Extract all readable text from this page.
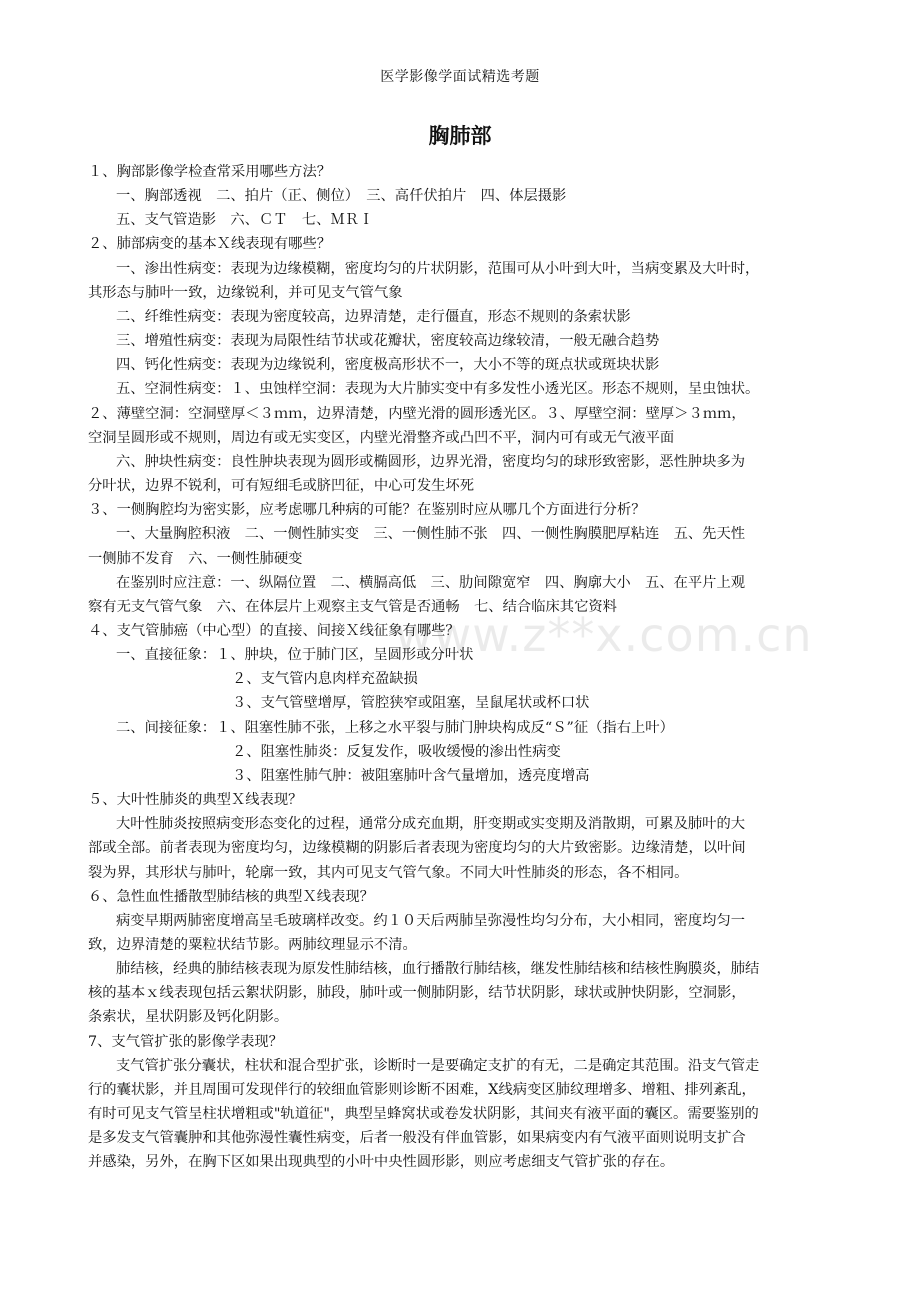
医学影像学面试精选考题
胸肺部
１、胸部影像学检查常采用哪些方法？
一、胸部透视　二、拍片（正、侧位）　三、高仟伏拍片　四、体层摄影
五、支气管造影　六、ＣＴ　七、ＭＲＩ
２、肺部病变的基本Ｘ线表现有哪些？
一、渗出性病变：表现为边缘模糊，密度均匀的片状阴影，范围可从小叶到大叶，当病变累及大叶时，
其形态与肺叶一致，边缘锐利，并可见支气管气象
二、纤维性病变：表现为密度较高，边界清楚，走行僵直，形态不规则的条索状影
三、增殖性病变：表现为局限性结节状或花瓣状，密度较高边缘较清，一般无融合趋势
四、钙化性病变：表现为边缘锐利，密度极高形状不一，大小不等的斑点状或斑块状影
五、空洞性病变：１、虫蚀样空洞：表现为大片肺实变中有多发性小透光区。形态不规则，呈虫蚀状。
２、薄壁空洞：空洞壁厚＜３ｍｍ，边界清楚，内壁光滑的圆形透光区。３、厚壁空洞：壁厚＞３ｍｍ，
空洞呈圆形或不规则，周边有或无实变区，内壁光滑整齐或凸凹不平，洞内可有或无气液平面
六、肿块性病变：良性肿块表现为圆形或椭圆形，边界光滑，密度均匀的球形致密影，恶性肿块多为
分叶状，边界不锐利，可有短细毛或脐凹征，中心可发生坏死
３、一侧胸腔均为密实影，应考虑哪几种病的可能？在鉴别时应从哪几个方面进行分析？
一、大量胸腔积液　二、一侧性肺实变　三、一侧性肺不张　四、一侧性胸膜肥厚粘连　五、先天性
一侧肺不发育　六、一侧性肺硬变
在鉴别时应注意：一、纵隔位置　二、横膈高低　三、肋间隙宽窄　四、胸廓大小　五、在平片上观
察有无支气管气象　六、在体层片上观察主支气管是否通畅　七、结合临床其它资料
４、支气管肺癌（中心型）的直接、间接Ｘ线征象有哪些？
一、直接征象：１、肿块，位于肺门区，呈圆形或分叶状
２、支气管内息肉样充盈缺损
３、支气管壁增厚，管腔狭窄或阻塞，呈鼠尾状或杯口状
二、间接征象：１、阻塞性肺不张，上移之水平裂与肺门肿块构成反“Ｓ”征（指右上叶）
２、阻塞性肺炎：反复发作，吸收缓慢的渗出性病变
３、阻塞性肺气肿：被阻塞肺叶含气量增加，透亮度增高
５、大叶性肺炎的典型Ｘ线表现？
大叶性肺炎按照病变形态变化的过程，通常分成充血期，肝变期或实变期及消散期，可累及肺叶的大
部或全部。前者表现为密度均匀，边缘模糊的阴影后者表现为密度均匀的大片致密影。边缘清楚，以叶间
裂为界，其形状与肺叶，轮廓一致，其内可见支气管气象。不同大叶性肺炎的形态，各不相同。
６、急性血性播散型肺结核的典型Ｘ线表现？
病变早期两肺密度增高呈毛玻璃样改变。约１０天后两肺呈弥漫性均匀分布，大小相同，密度均匀一
致，边界清楚的粟粒状结节影。两肺纹理显示不清。
肺结核，经典的肺结核表现为原发性肺结核，血行播散行肺结核，继发性肺结核和结核性胸膜炎，肺结
核的基本ｘ线表现包括云絮状阴影，肺段，肺叶或一侧肺阴影，结节状阴影，球状或肿快阴影，空洞影，
条索状，星状阴影及钙化阴影。
7、支气管扩张的影像学表现？
支气管扩张分囊状，柱状和混合型扩张，诊断时一是要确定支扩的有无，二是确定其范围。沿支气管走
行的囊状影，并且周围可发现伴行的较细血管影则诊断不困难，X线病变区肺纹理增多、增粗、排列紊乱，
有时可见支气管呈柱状增粗或"轨道征"，典型呈蜂窝状或卷发状阴影，其间夹有液平面的囊区。需要鉴别的
是多发支气管囊肿和其他弥漫性囊性病变，后者一般没有伴血管影，如果病变内有气液平面则说明支扩合
并感染，另外，在胸下区如果出现典型的小叶中央性圆形影，则应考虑细支气管扩张的存在。
www.z**x.com.cn
